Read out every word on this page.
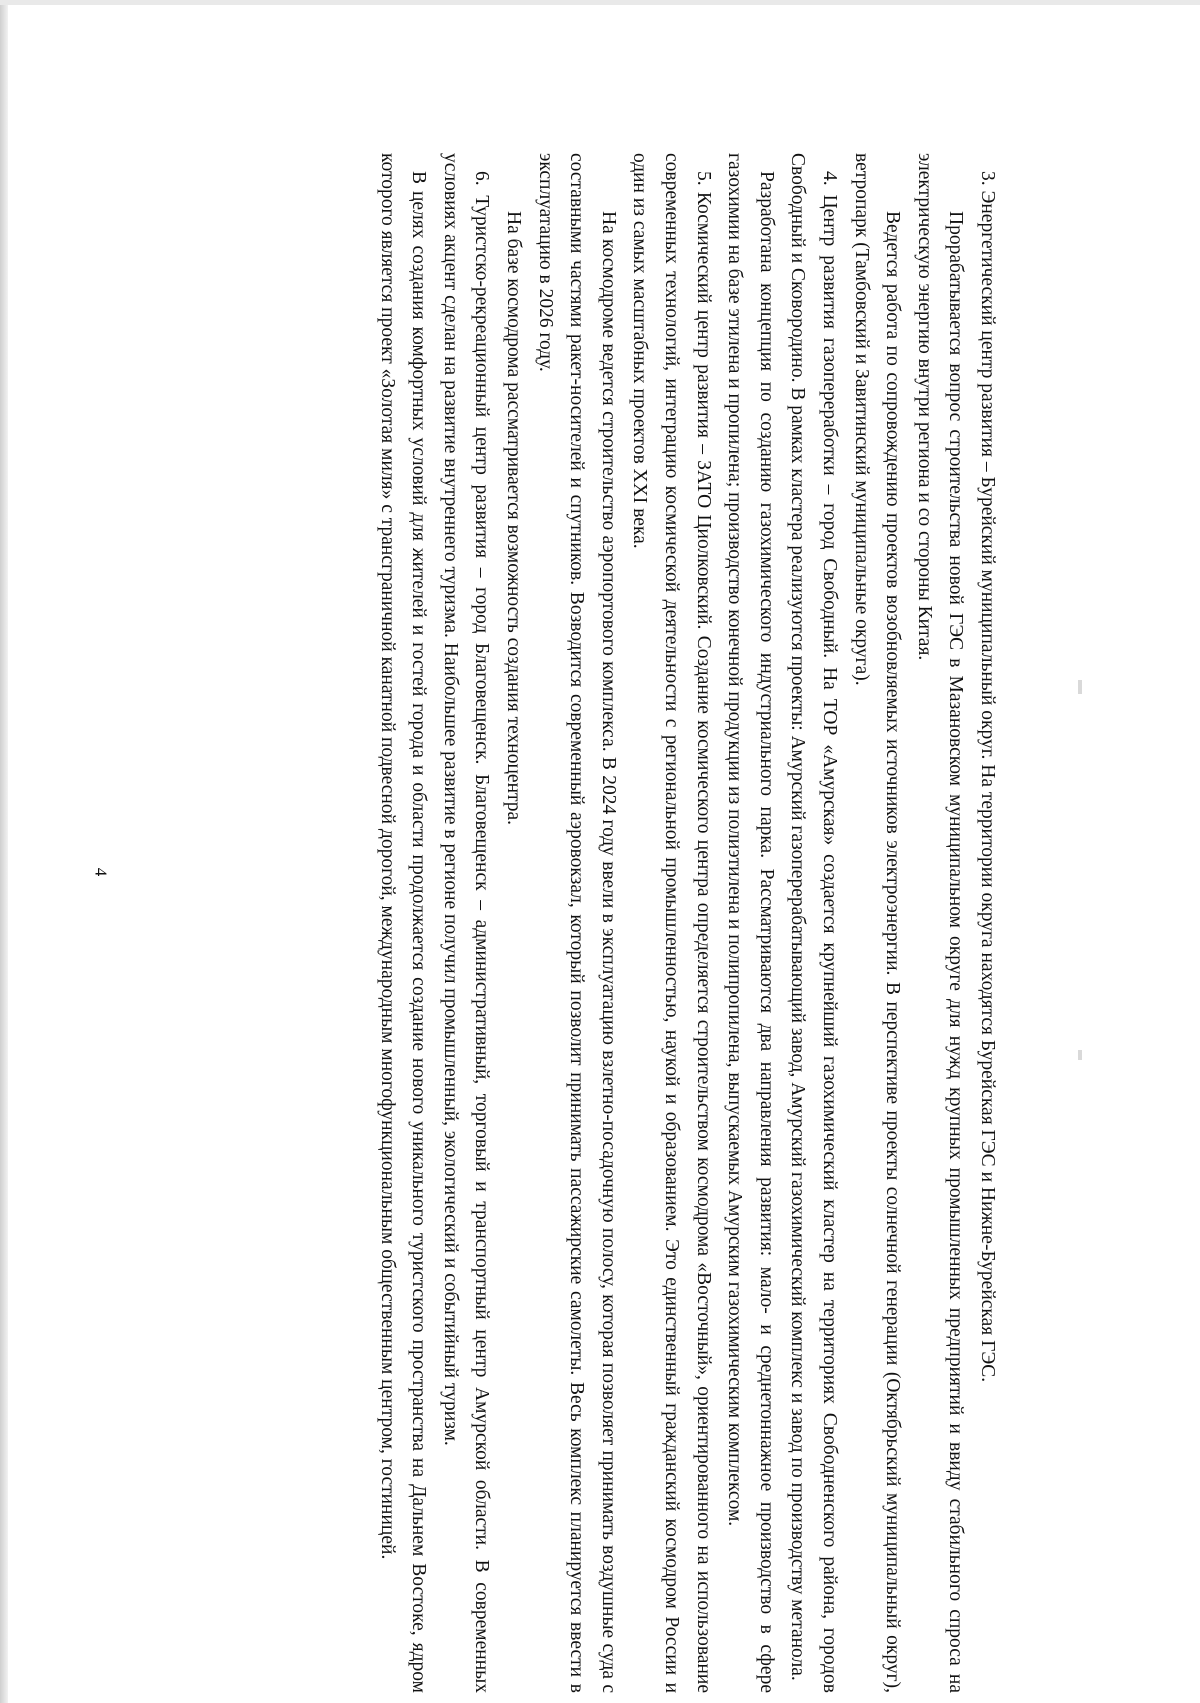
4	3. Энергетический центр развития – Бурейский муниципальный округ. На территории округа находятся Бурейская ГЭС и Нижне-Бурейская ГЭС.

Прорабатывается вопрос строительства новой ГЭС в Мазановском муниципальном округе для нужд крупных промышленных предприятий и ввиду стабильного спроса на электрическую энергию внутри региона и со стороны Китая.

Ведется работа по сопровождению проектов возобновляемых источников электроэнергии. В перспективе проекты солнечной генерации (Октябрьский муниципальный округ), ветропарк (Тамбовский и Завитинский муниципальные округа).

4. Центр развития газопереработки – город Свободный. На ТОР «Амурская» создается крупнейший газохимический кластер на территориях Свободненского района, городов Свободный и Сковородино. В рамках кластера реализуются проекты: Амурский газоперерабатывающий завод, Амурский газохимический комплекс и завод по производству метанола.

Разработана концепция по созданию газохимического индустриального парка. Рассматриваются два направления развития: мало- и среднетоннажное производство в сфере газохимии на базе этилена и пропилена; производство конечной продукции из полиэтилена и полипропилена, выпускаемых Амурским газохимическим комплексом.

5. Космический центр развития – ЗАТО Циолковский. Создание космического центра определяется строительством космодрома «Восточный», ориентированного на использование современных технологий, интеграцию космической деятельности с региональной промышленностью, наукой и образованием. Это единственный гражданский космодром России и один из самых масштабных проектов XXI века.

На космодроме ведется строительство аэропортового комплекса. В 2024 году ввели в эксплуатацию взлетно-посадочную полосу, которая позволяет принимать воздушные суда с составными частями ракет-носителей и спутников. Возводится современный аэровокзал, который позволит принимать пассажирские самолеты. Весь комплекс планируется ввести в эксплуатацию в 2026 году.

На базе космодрома рассматривается возможность создания технoцентра.

6. Туристско-рекреационный центр развития – город Благовещенск. Благовещенск – административный, торговый и транспортный центр Амурской области. В современных условиях акцент сделан на развитие внутреннего туризма. Наибольшее развитие в регионе получил промышленный, экологический и событийный туризм.

В целях создания комфортных условий для жителей и гостей города и области продолжается создание нового уникального туристского пространства на Дальнем Востоке, ядром которого является проект «Золотая миля» с трансграничной канатной подвесной дорогой, международным многофункциональным общественным центром, гостиницей.
